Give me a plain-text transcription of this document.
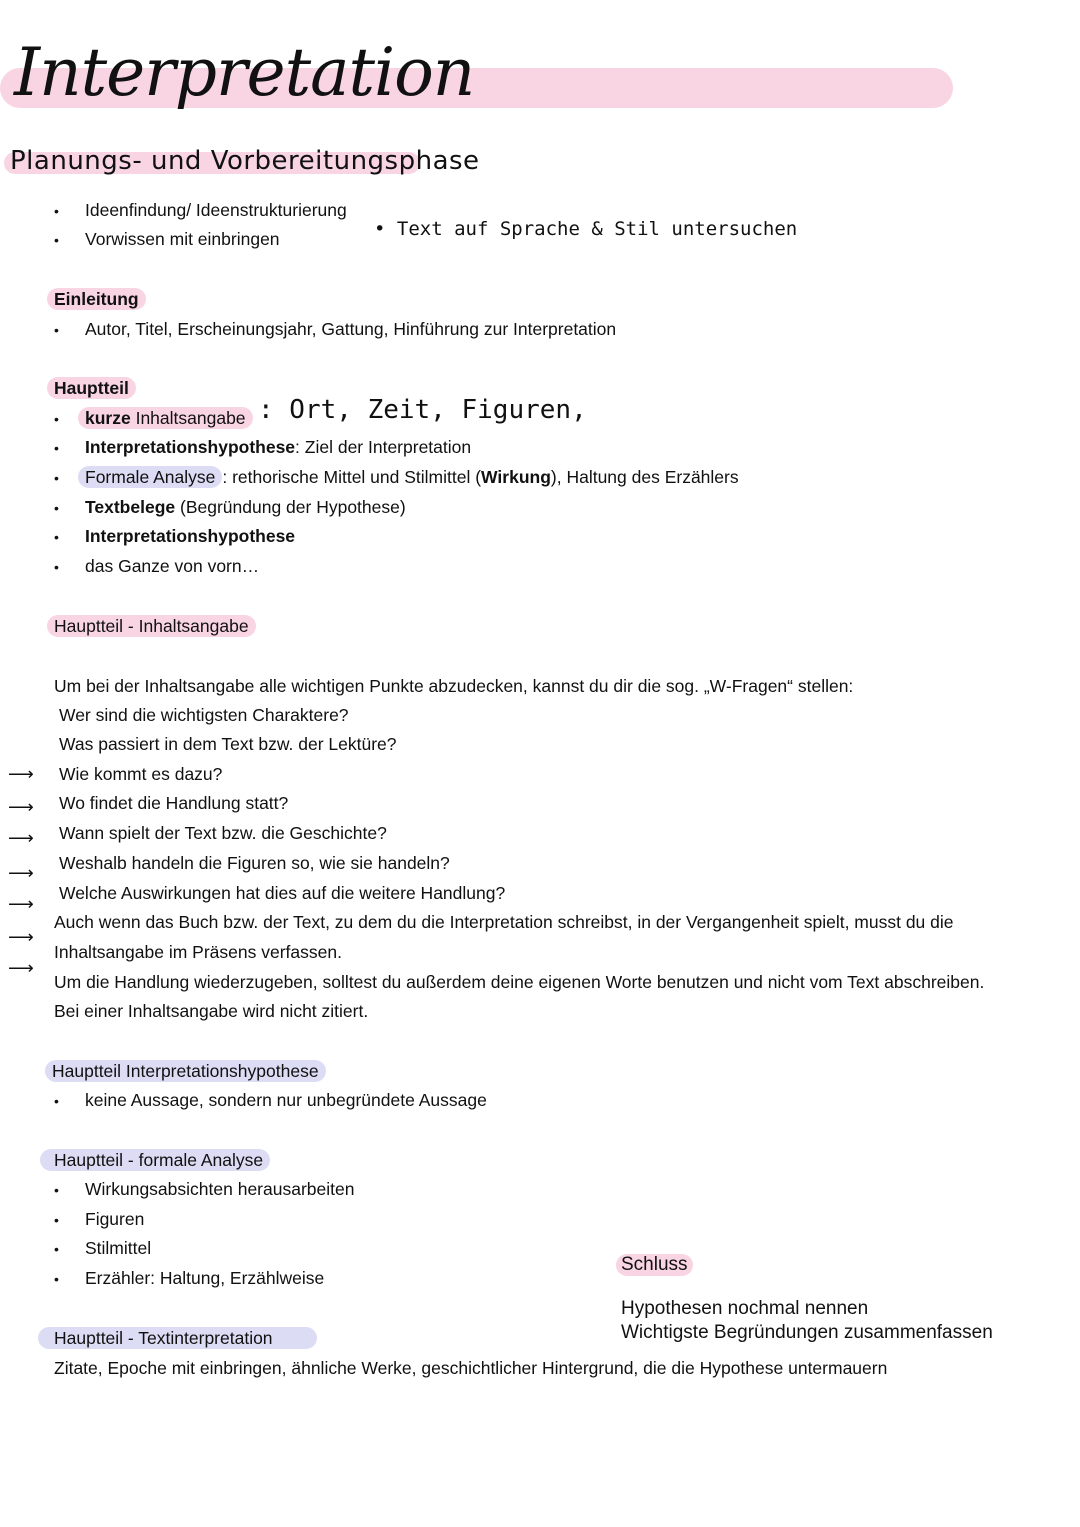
Interpretation
Planungs- und Vorbereitungsphase
• Ideenfindung/ Ideenstrukturierung
• Vorwissen mit einbringen	• Text auf Sprache & Stil untersuchen
Einleitung
• Autor, Titel, Erscheinungsjahr, Gattung, Hinführung zur Interpretation
Hauptteil
•	kurze Inhaltsangabe : Ort, Zeit, Figuren,
• Interpretationshypothese: Ziel der Interpretation
•	Formale Analyse : rethorische Mittel und Stilmittel (Wirkung), Haltung des Erzählers
• Textbelege (Begründung der Hypothese)
• Interpretationshypothese
• das Ganze von vorn…
Hauptteil - Inhaltsangabe
Um bei der Inhaltsangabe alle wichtigen Punkte abzudecken, kannst du dir die sog. „W-Fragen“ stellen:
Wer sind die wichtigsten Charaktere?
Was passiert in dem Text bzw. der Lektüre?
Wie kommt es dazu?
Wo findet die Handlung statt?
Wann spielt der Text bzw. die Geschichte?
Weshalb handeln die Figuren so, wie sie handeln?
Welche Auswirkungen hat dies auf die weitere Handlung?
⟶
⟶
⟶
⟶
⟶
⟶
⟶
Auch wenn das Buch bzw. der Text, zu dem du die Interpretation schreibst, in der Vergangenheit spielt, musst du die
Inhaltsangabe im Präsens verfassen.
Um die Handlung wiederzugeben, solltest du außerdem deine eigenen Worte benutzen und nicht vom Text abschreiben.
Bei einer Inhaltsangabe wird nicht zitiert.
Hauptteil Interpretationshypothese
• keine Aussage, sondern nur unbegründete Aussage
Hauptteil - formale Analyse
• Wirkungsabsichten herausarbeiten
• Figuren
• Stilmittel
• Erzähler: Haltung, Erzählweise
Hauptteil - Textinterpretation
Zitate, Epoche mit einbringen, ähnliche Werke, geschichtlicher Hintergrund, die die Hypothese untermauern
Schluss
Hypothesen nochmal nennen
Wichtigste Begründungen zusammenfassen
